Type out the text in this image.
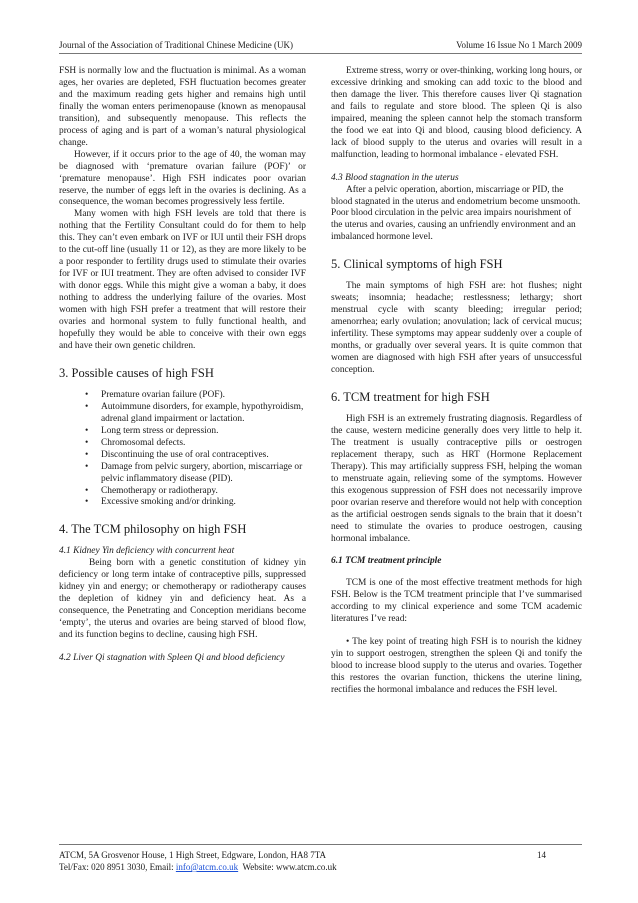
Journal of the Association of Traditional Chinese Medicine (UK)	Volume 16 Issue No 1 March 2009

FSH is normally low and the fluctuation is minimal. As a woman ages, her ovaries are depleted, FSH fluctuation becomes greater and the maximum reading gets higher and remains high until finally the woman enters perimenopause (known as menopausal transition), and subsequently menopause. This reflects the process of aging and is part of a woman’s natural physiological change.

However, if it occurs prior to the age of 40, the woman may be diagnosed with ‘premature ovarian failure (POF)’ or ‘premature menopause’. High FSH indicates poor ovarian reserve, the number of eggs left in the ovaries is declining. As a consequence, the woman becomes progressively less fertile.

Many women with high FSH levels are told that there is nothing that the Fertility Consultant could do for them to help this. They can’t even embark on IVF or IUI until their FSH drops to the cut-off line (usually 11 or 12), as they are more likely to be a poor responder to fertility drugs used to stimulate their ovaries for IVF or IUI treatment. They are often advised to consider IVF with donor eggs. While this might give a woman a baby, it does nothing to address the underlying failure of the ovaries. Most women with high FSH prefer a treatment that will restore their ovaries and hormonal system to fully functional health, and hopefully they would be able to conceive with their own eggs and have their own genetic children.

3. Possible causes of high FSH
• Premature ovarian failure (POF).
• Autoimmune disorders, for example, hypothyroidism, adrenal gland impairment or lactation.
• Long term stress or depression.
• Chromosomal defects.
• Discontinuing the use of oral contraceptives.
• Damage from pelvic surgery, abortion, miscarriage or pelvic inflammatory disease (PID).
• Chemotherapy or radiotherapy.
• Excessive smoking and/or drinking.
4. The TCM philosophy on high FSH

4.1 Kidney Yin deficiency with concurrent heat

Being born with a genetic constitution of kidney yin deficiency or long term intake of contraceptive pills, suppressed kidney yin and energy; or chemotherapy or radiotherapy causes the depletion of kidney yin and deficiency heat. As a consequence, the Penetrating and Conception meridians become ‘empty’, the uterus and ovaries are being starved of blood flow, and its function begins to decline, causing high FSH.

4.2 Liver Qi stagnation with Spleen Qi and blood deficiency

Extreme stress, worry or over-thinking, working long hours, or excessive drinking and smoking can add toxic to the blood and then damage the liver. This therefore causes liver Qi stagnation and fails to regulate and store blood. The spleen Qi is also impaired, meaning the spleen cannot help the stomach transform the food we eat into Qi and blood, causing blood deficiency. A lack of blood supply to the uterus and ovaries will result in a malfunction, leading to hormonal imbalance - elevated FSH.

4.3 Blood stagnation in the uterus

After a pelvic operation, abortion, miscarriage or PID, the blood stagnated in the uterus and endometrium become unsmooth. Poor blood circulation in the pelvic area impairs nourishment of the uterus and ovaries, causing an unfriendly environment and an imbalanced hormone level.

5. Clinical symptoms of high FSH

The main symptoms of high FSH are: hot flushes; night sweats; insomnia; headache; restlessness; lethargy; short menstrual cycle with scanty bleeding; irregular period; amenorrhea; early ovulation; anovulation; lack of cervical mucus; infertility. These symptoms may appear suddenly over a couple of months, or gradually over several years. It is quite common that women are diagnosed with high FSH after years of unsuccessful conception.

6. TCM treatment for high FSH

High FSH is an extremely frustrating diagnosis. Regardless of the cause, western medicine generally does very little to help it. The treatment is usually contraceptive pills or oestrogen replacement therapy, such as HRT (Hormone Replacement Therapy). This may artificially suppress FSH, helping the woman to menstruate again, relieving some of the symptoms. However this exogenous suppression of FSH does not necessarily improve poor ovarian reserve and therefore would not help with conception as the artificial oestrogen sends signals to the brain that it doesn’t need to stimulate the ovaries to produce oestrogen, causing hormonal imbalance.

6.1 TCM treatment principle

TCM is one of the most effective treatment methods for high FSH. Below is the TCM treatment principle that I’ve summarised according to my clinical experience and some TCM academic literatures I’ve read:

• The key point of treating high FSH is to nourish the kidney yin to support oestrogen, strengthen the spleen Qi and tonify the blood to increase blood supply to the uterus and ovaries. Together this restores the ovarian function, thickens the uterine lining, rectifies the hormonal imbalance and reduces the FSH level.

ATCM, 5A Grosvenor House, 1 High Street, Edgware, London, HA8 7TA	14
Tel/Fax: 020 8951 3030, Email: info@atcm.co.uk  Website: www.atcm.co.uk
